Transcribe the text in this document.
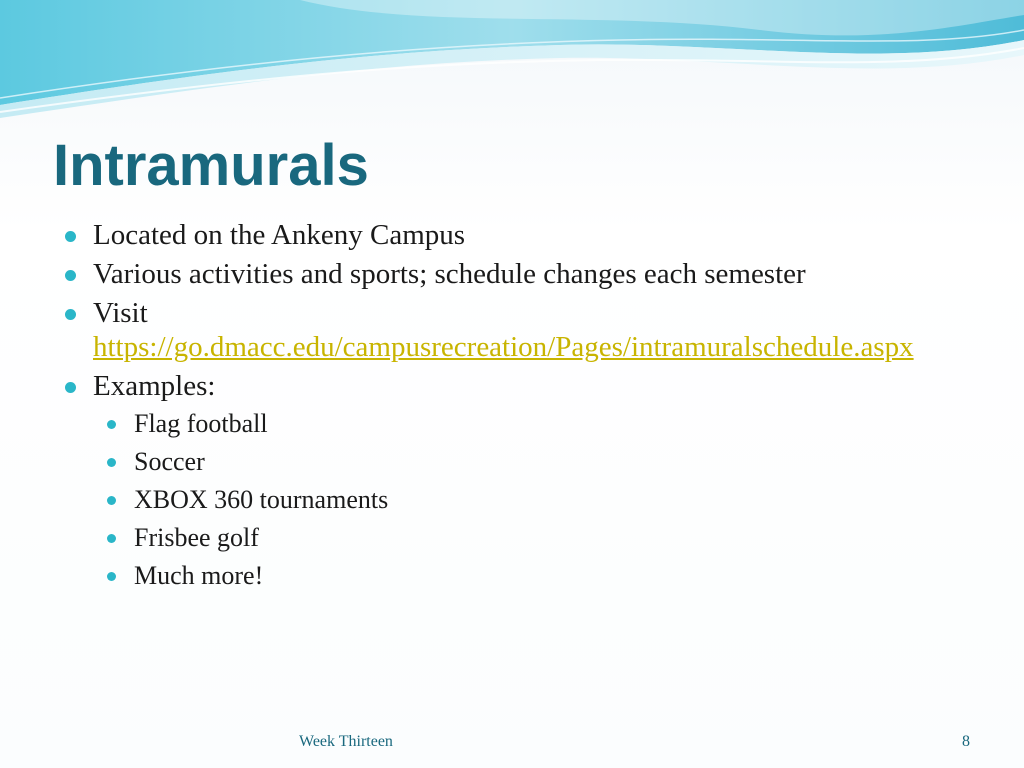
Intramurals
Located on the Ankeny Campus
Various activities and sports; schedule changes each semester
Visit
https://go.dmacc.edu/campusrecreation/Pages/intramuralschedule.aspx
Examples:
Flag football
Soccer
XBOX 360 tournaments
Frisbee golf
Much more!
Week Thirteen	8
